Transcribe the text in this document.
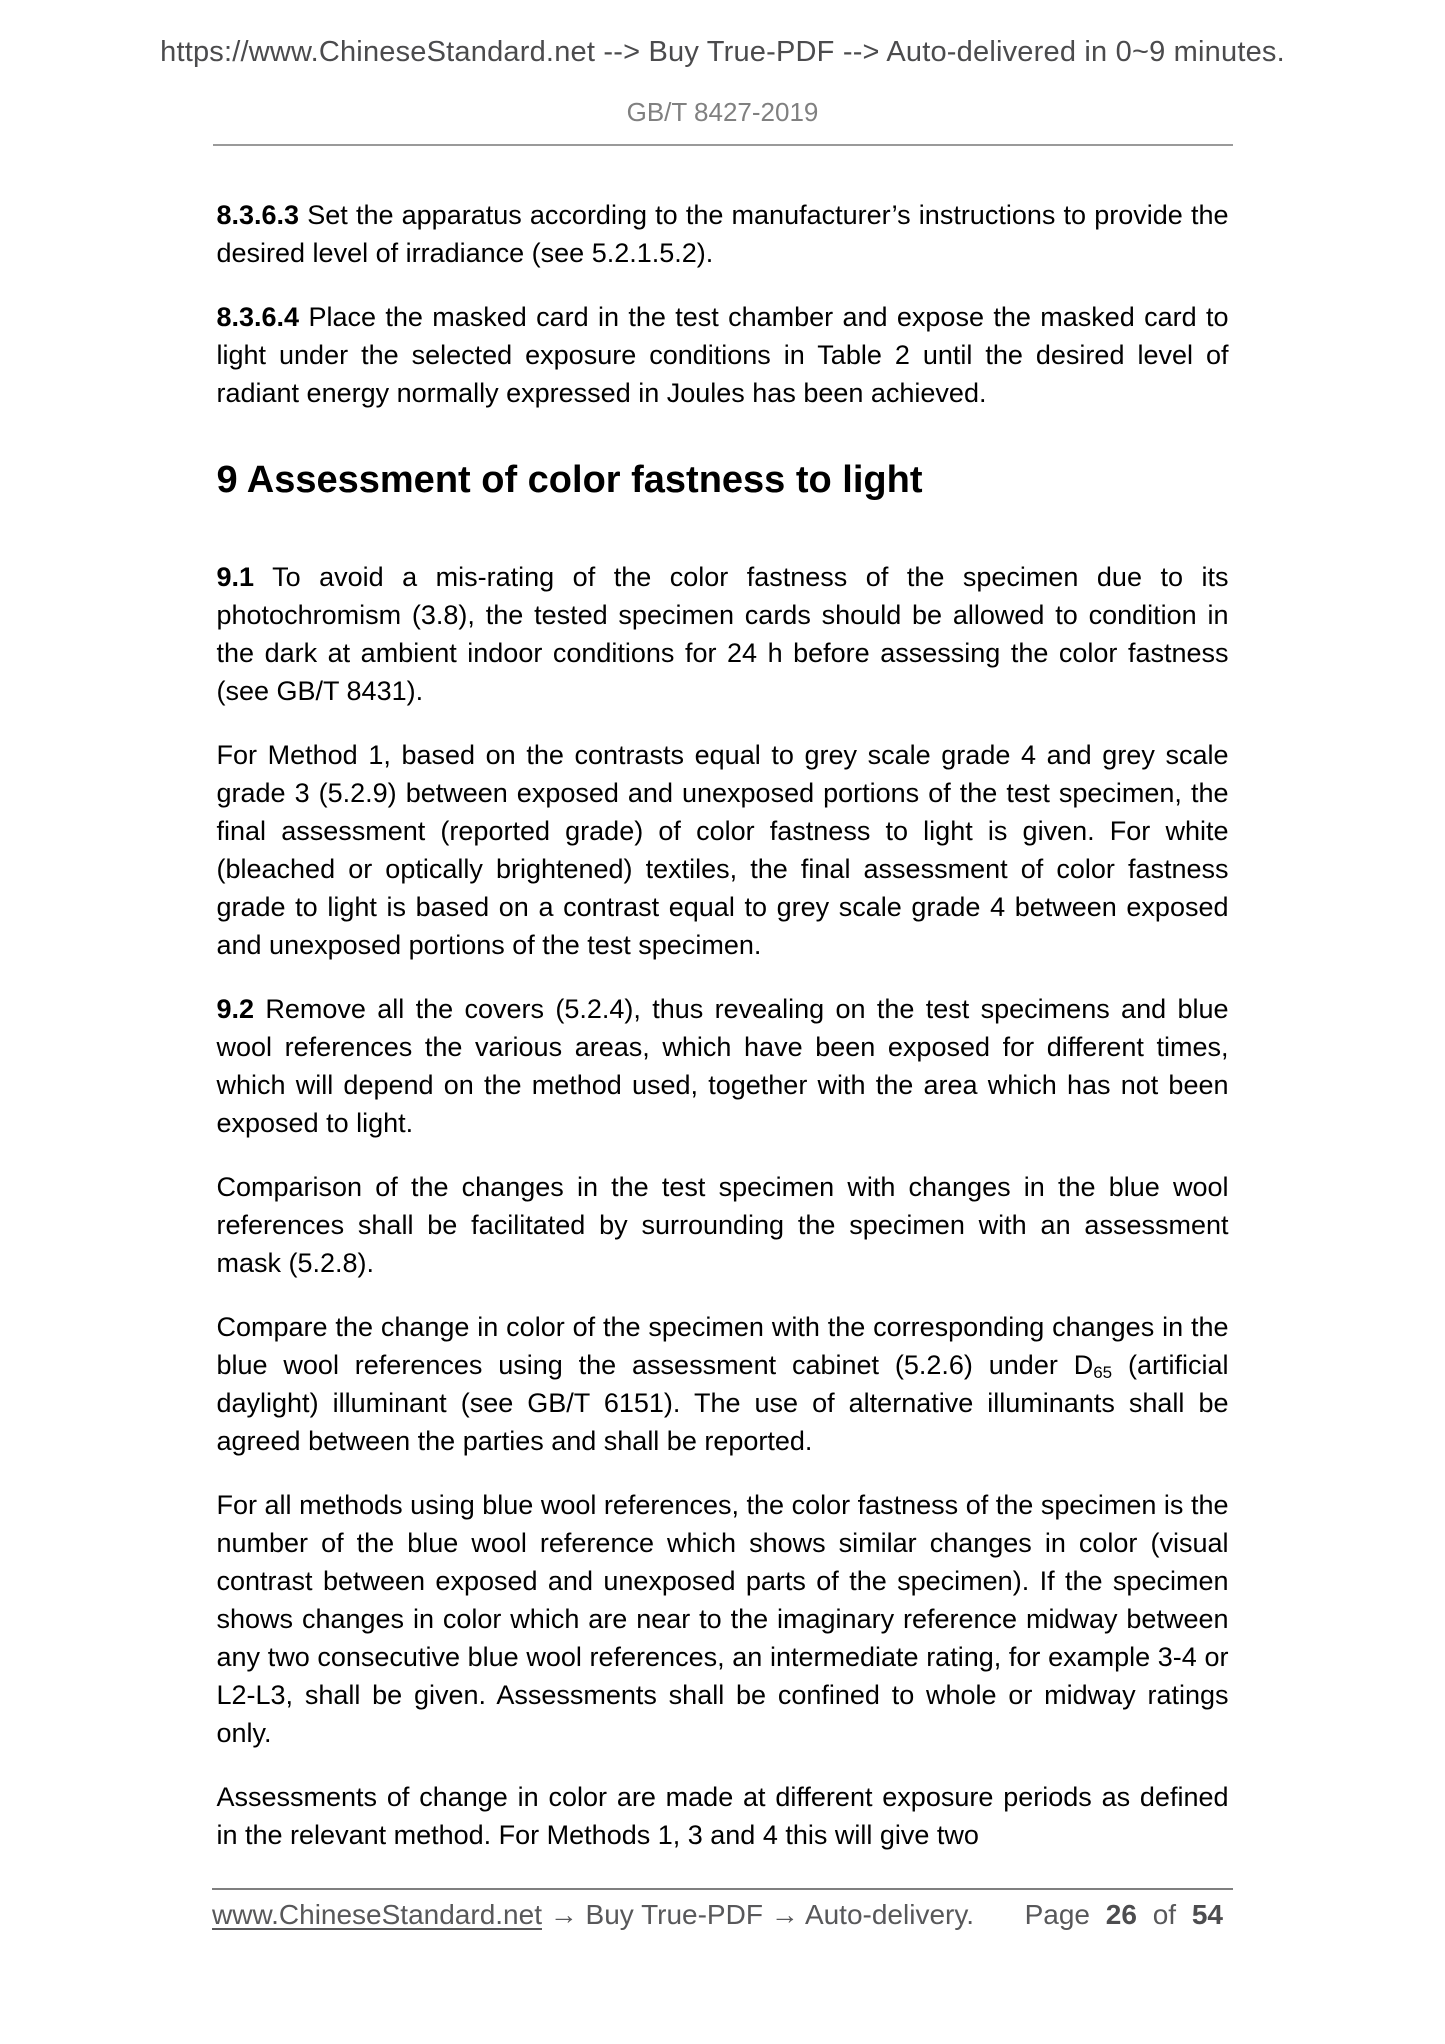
https://www.ChineseStandard.net --> Buy True-PDF --> Auto-delivered in 0~9 minutes.
GB/T 8427-2019

8.3.6.3 Set the apparatus according to the manufacturer’s instructions to provide the desired level of irradiance (see 5.2.1.5.2).

8.3.6.4 Place the masked card in the test chamber and expose the masked card to light under the selected exposure conditions in Table 2 until the desired level of radiant energy normally expressed in Joules has been achieved.

9 Assessment of color fastness to light

9.1 To avoid a mis-rating of the color fastness of the specimen due to its photochromism (3.8), the tested specimen cards should be allowed to condition in the dark at ambient indoor conditions for 24 h before assessing the color fastness (see GB/T 8431).

For Method 1, based on the contrasts equal to grey scale grade 4 and grey scale grade 3 (5.2.9) between exposed and unexposed portions of the test specimen, the final assessment (reported grade) of color fastness to light is given. For white (bleached or optically brightened) textiles, the final assessment of color fastness grade to light is based on a contrast equal to grey scale grade 4 between exposed and unexposed portions of the test specimen.

9.2 Remove all the covers (5.2.4), thus revealing on the test specimens and blue wool references the various areas, which have been exposed for different times, which will depend on the method used, together with the area which has not been exposed to light.

Comparison of the changes in the test specimen with changes in the blue wool references shall be facilitated by surrounding the specimen with an assessment mask (5.2.8).

Compare the change in color of the specimen with the corresponding changes in the blue wool references using the assessment cabinet (5.2.6) under $D_{65}$ (artificial daylight) illuminant (see GB/T 6151). The use of alternative illuminants shall be agreed between the parties and shall be reported.

For all methods using blue wool references, the color fastness of the specimen is the number of the blue wool reference which shows similar changes in color (visual contrast between exposed and unexposed parts of the specimen). If the specimen shows changes in color which are near to the imaginary reference midway between any two consecutive blue wool references, an intermediate rating, for example 3-4 or L2-L3, shall be given. Assessments shall be confined to whole or midway ratings only.

Assessments of change in color are made at different exposure periods as defined in the relevant method. For Methods 1, 3 and 4 this will give two

www.ChineseStandard.net → Buy True-PDF → Auto-delivery. Page 26 of 54
